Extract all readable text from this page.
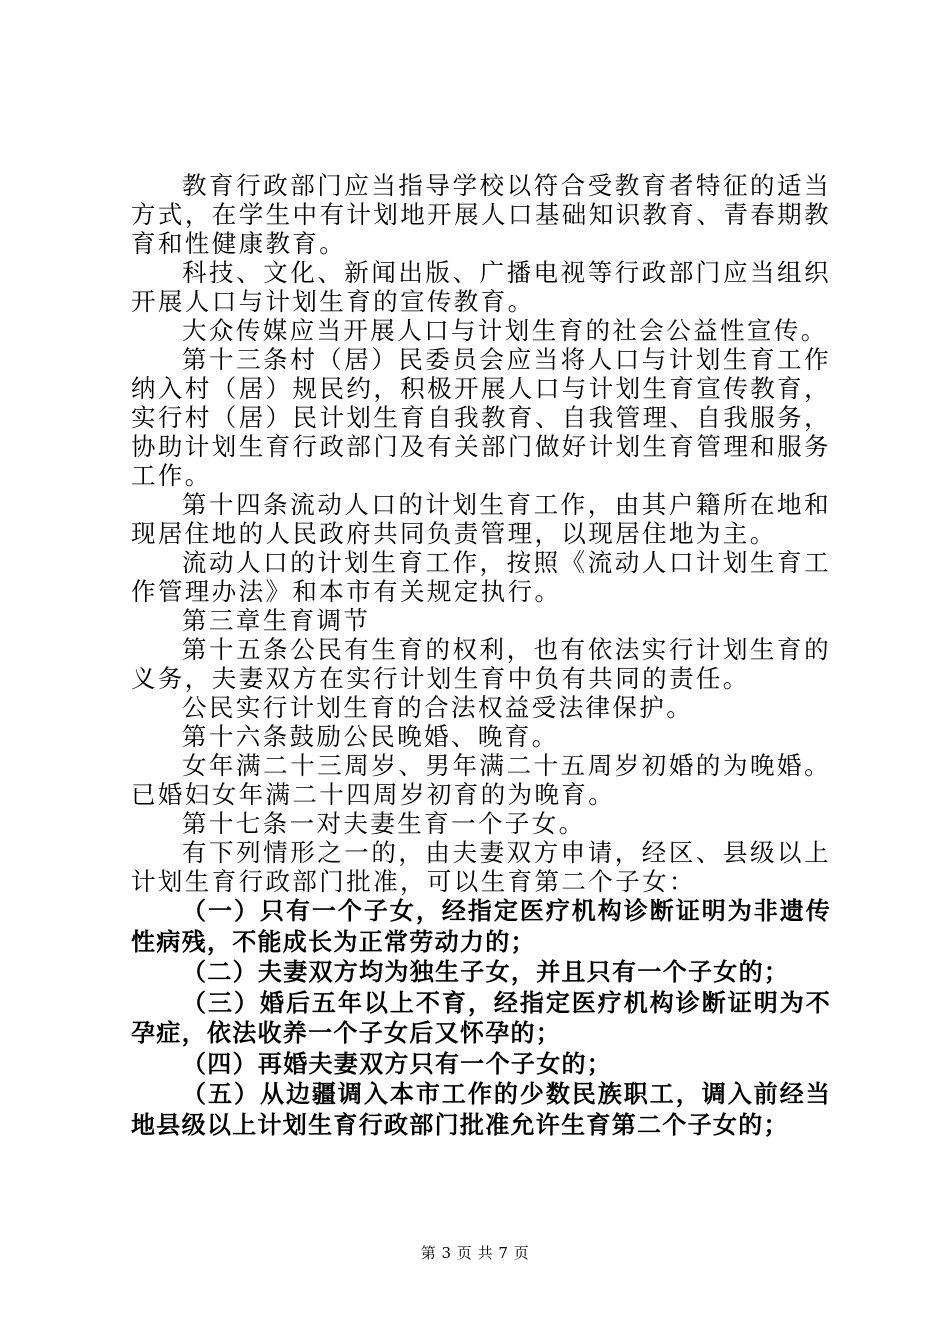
教育行政部门应当指导学校以符合受教育者特征的适当方式，在学生中有计划地开展人口基础知识教育、青春期教育和性健康教育。

科技、文化、新闻出版、广播电视等行政部门应当组织开展人口与计划生育的宣传教育。

大众传媒应当开展人口与计划生育的社会公益性宣传。

第十三条村（居）民委员会应当将人口与计划生育工作纳入村（居）规民约，积极开展人口与计划生育宣传教育，实行村（居）民计划生育自我教育、自我管理、自我服务，协助计划生育行政部门及有关部门做好计划生育管理和服务工作。

第十四条流动人口的计划生育工作，由其户籍所在地和现居住地的人民政府共同负责管理，以现居住地为主。

流动人口的计划生育工作，按照《流动人口计划生育工作管理办法》和本市有关规定执行。

第三章生育调节

第十五条公民有生育的权利，也有依法实行计划生育的义务，夫妻双方在实行计划生育中负有共同的责任。

公民实行计划生育的合法权益受法律保护。

第十六条鼓励公民晚婚、晚育。

女年满二十三周岁、男年满二十五周岁初婚的为晚婚。已婚妇女年满二十四周岁初育的为晚育。

第十七条一对夫妻生育一个子女。

有下列情形之一的，由夫妻双方申请，经区、县级以上计划生育行政部门批准，可以生育第二个子女：

（一）只有一个子女，经指定医疗机构诊断证明为非遗传性病残，不能成长为正常劳动力的；

（二）夫妻双方均为独生子女，并且只有一个子女的；

（三）婚后五年以上不育，经指定医疗机构诊断证明为不孕症，依法收养一个子女后又怀孕的；

（四）再婚夫妻双方只有一个子女的；

（五）从边疆调入本市工作的少数民族职工，调入前经当地县级以上计划生育行政部门批准允许生育第二个子女的；

第 3 页 共 7 页
